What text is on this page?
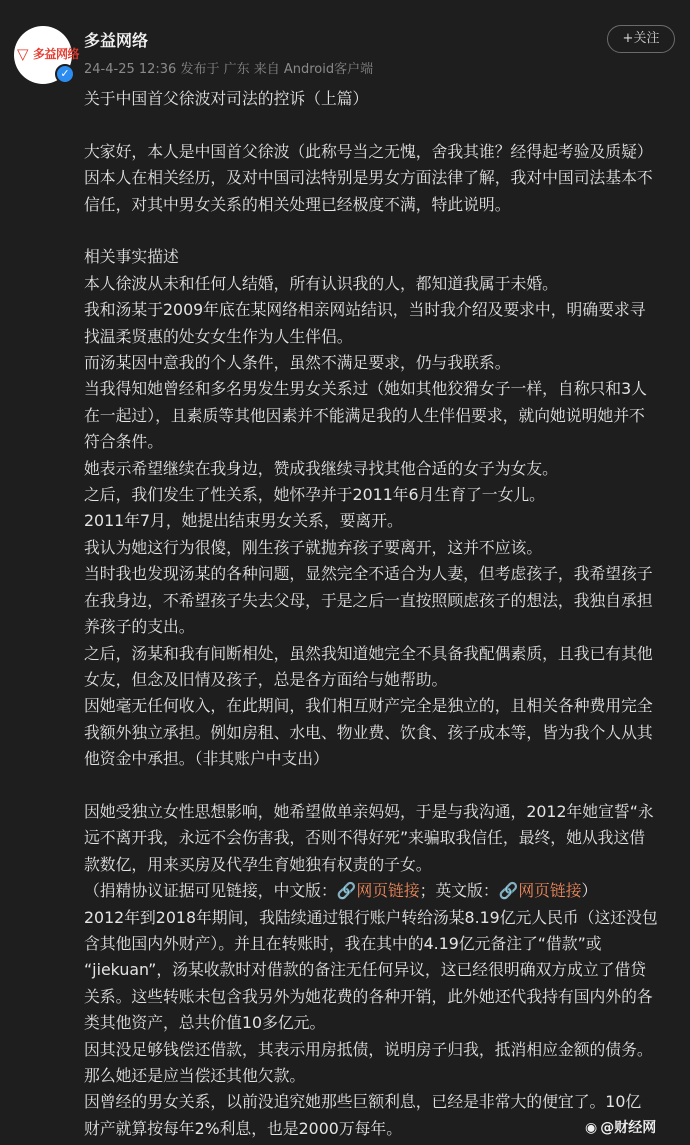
▽ 多益网络
✓
多益网络
24-4-25 12:36 发布于 广东 来自 Android客户端
+关注

关于中国首父徐波对司法的控诉（上篇）

大家好，本人是中国首父徐波（此称号当之无愧，舍我其谁？经得起考验及质疑）

因本人在相关经历，及对中国司法特别是男女方面法律了解，我对中国司法基本不

信任，对其中男女关系的相关处理已经极度不满，特此说明。

相关事实描述

本人徐波从未和任何人结婚，所有认识我的人，都知道我属于未婚。

我和汤某于2009年底在某网络相亲网站结识，当时我介绍及要求中，明确要求寻

找温柔贤惠的处女女生作为人生伴侣。

而汤某因中意我的个人条件，虽然不满足要求，仍与我联系。

当我得知她曾经和多名男发生男女关系过（她如其他狡猾女子一样，自称只和3人

在一起过），且素质等其他因素并不能满足我的人生伴侣要求，就向她说明她并不

符合条件。

她表示希望继续在我身边，赞成我继续寻找其他合适的女子为女友。

之后，我们发生了性关系，她怀孕并于2011年6月生育了一女儿。

2011年7月，她提出结束男女关系，要离开。

我认为她这行为很傻，刚生孩子就抛弃孩子要离开，这并不应该。

当时我也发现汤某的各种问题，显然完全不适合为人妻，但考虑孩子，我希望孩子

在我身边，不希望孩子失去父母，于是之后一直按照顾虑孩子的想法，我独自承担

养孩子的支出。

之后，汤某和我有间断相处，虽然我知道她完全不具备我配偶素质，且我已有其他

女友，但念及旧情及孩子，总是各方面给与她帮助。

因她毫无任何收入，在此期间，我们相互财产完全是独立的，且相关各种费用完全

我额外独立承担。例如房租、水电、物业费、饮食、孩子成本等，皆为我个人从其

他资金中承担。（非其账户中支出）

因她受独立女性思想影响，她希望做单亲妈妈，于是与我沟通，2012年她宣誓“永

远不离开我，永远不会伤害我，否则不得好死”来骗取我信任，最终，她从我这借

款数亿，用来买房及代孕生育她独有权责的子女。

（捐精协议证据可见链接，中文版：🔗网页链接；英文版：🔗网页链接）

2012年到2018年期间，我陆续通过银行账户转给汤某8.19亿元人民币（这还没包

含其他国内外财产）。并且在转账时，我在其中的4.19亿元备注了“借款”或

“jiekuan”，汤某收款时对借款的备注无任何异议，这已经很明确双方成立了借贷

关系。这些转账未包含我另外为她花费的各种开销，此外她还代我持有国内外的各

类其他资产，总共价值10多亿元。

因其没足够钱偿还借款，其表示用房抵债，说明房子归我，抵消相应金额的债务。

那么她还是应当偿还其他欠款。

因曾经的男女关系，以前没追究她那些巨额利息，已经是非常大的便宜了。10亿

财产就算按每年2%利息，也是2000万每年。	◉ @财经网
